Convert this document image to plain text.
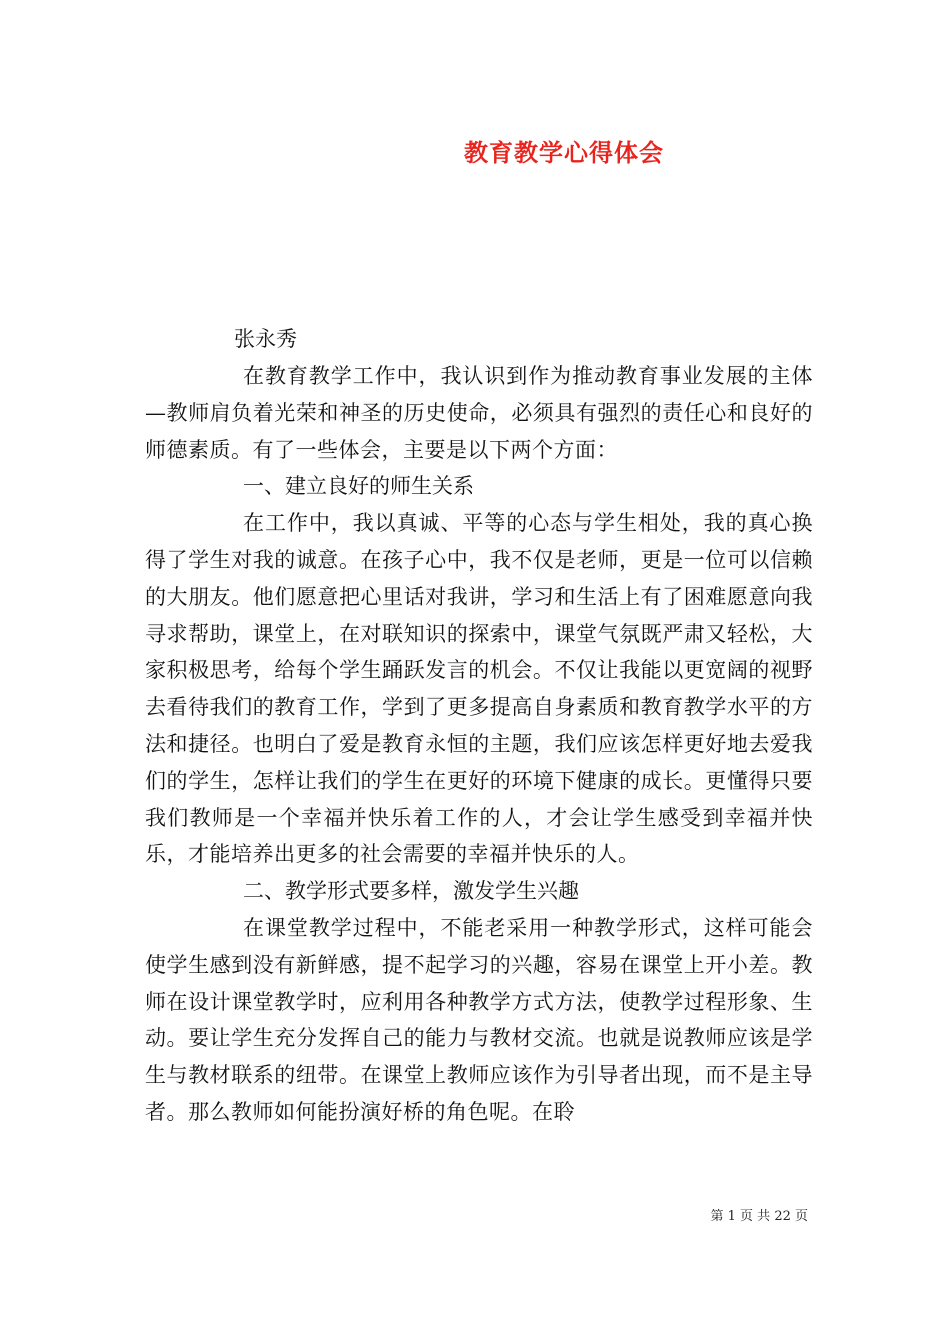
教育教学心得体会

张永秀

在教育教学工作中，我认识到作为推动教育事业发展的主体—教师肩负着光荣和神圣的历史使命，必须具有强烈的责任心和良好的师德素质。有了一些体会，主要是以下两个方面：

一、建立良好的师生关系

在工作中，我以真诚、平等的心态与学生相处，我的真心换得了学生对我的诚意。在孩子心中，我不仅是老师，更是一位可以信赖的大朋友。他们愿意把心里话对我讲，学习和生活上有了困难愿意向我寻求帮助，课堂上，在对联知识的探索中，课堂气氛既严肃又轻松，大家积极思考，给每个学生踊跃发言的机会。不仅让我能以更宽阔的视野去看待我们的教育工作，学到了更多提高自身素质和教育教学水平的方法和捷径。也明白了爱是教育永恒的主题，我们应该怎样更好地去爱我们的学生，怎样让我们的学生在更好的环境下健康的成长。更懂得只要我们教师是一个幸福并快乐着工作的人，才会让学生感受到幸福并快乐，才能培养出更多的社会需要的幸福并快乐的人。

二、教学形式要多样，激发学生兴趣

在课堂教学过程中，不能老采用一种教学形式，这样可能会使学生感到没有新鲜感，提不起学习的兴趣，容易在课堂上开小差。教师在设计课堂教学时，应利用各种教学方式方法，使教学过程形象、生动。要让学生充分发挥自己的能力与教材交流。也就是说教师应该是学生与教材联系的纽带。在课堂上教师应该作为引导者出现，而不是主导者。那么教师如何能扮演好桥的角色呢。在聆

第 1 页 共 22 页
